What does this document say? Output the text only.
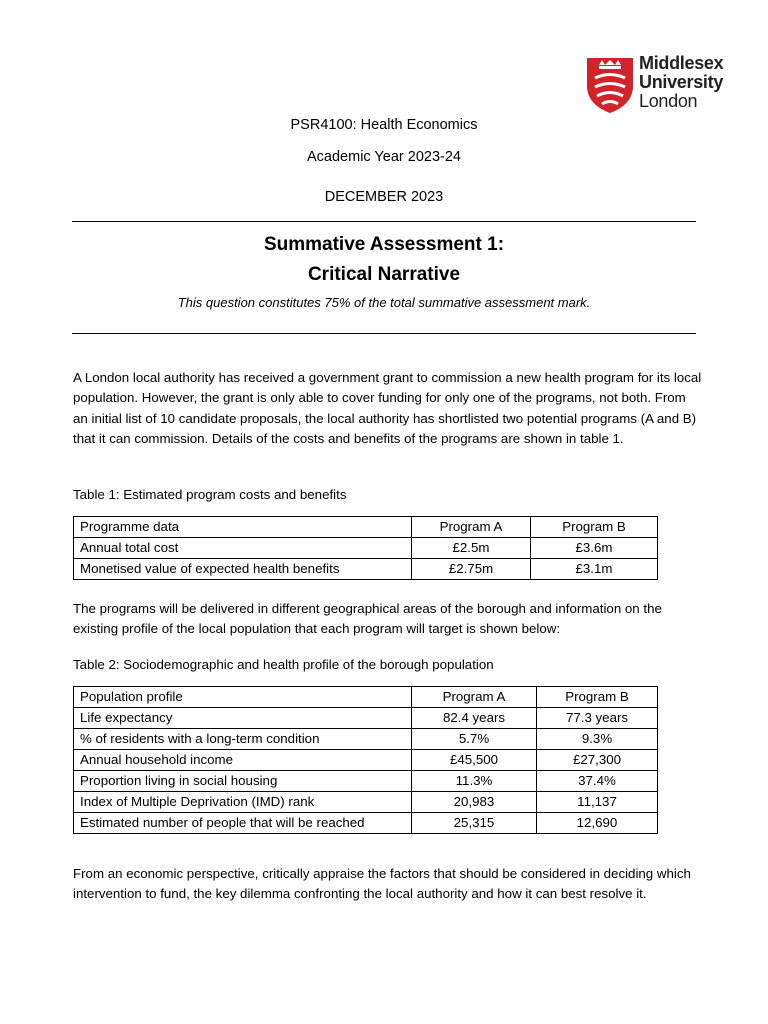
Middlesex
University
London
PSR4100: Health Economics
Academic Year 2023-24
DECEMBER 2023
Summative Assessment 1:
Critical Narrative
This question constitutes 75% of the total summative assessment mark.

A London local authority has received a government grant to commission a new health program for its local population. However, the grant is only able to cover funding for only one of the programs, not both. From an initial list of 10 candidate proposals, the local authority has shortlisted two potential programs (A and B) that it can commission. Details of the costs and benefits of the programs are shown in table 1.

Table 1: Estimated program costs and benefits
Programme data	Program A	Program B
Annual total cost	£2.5m	£3.6m
Monetised value of expected health benefits	£2.75m	£3.1m

The programs will be delivered in different geographical areas of the borough and information on the existing profile of the local population that each program will target is shown below:

Table 2: Sociodemographic and health profile of the borough population
Population profile	Program A	Program B
Life expectancy	82.4 years	77.3 years
% of residents with a long-term condition	5.7%	9.3%
Annual household income	£45,500	£27,300
Proportion living in social housing	11.3%	37.4%
Index of Multiple Deprivation (IMD) rank	20,983	11,137
Estimated number of people that will be reached	25,315	12,690

From an economic perspective, critically appraise the factors that should be considered in deciding which intervention to fund, the key dilemma confronting the local authority and how it can best resolve it.
